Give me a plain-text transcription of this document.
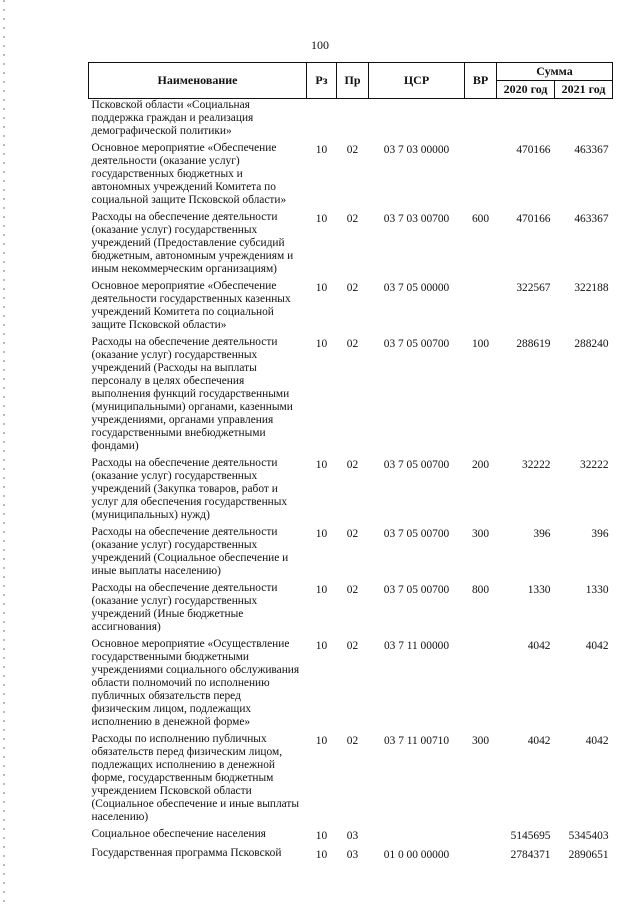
100
Наименование	Рз	Пр	ЦСР	ВР	Сумма	
					2020 год	2021 год
Псковской области «Социальная поддержка граждан и реализация демографической политики»						

Основное мероприятие «Обеспечение деятельности (оказание услуг) государственных бюджетных и автономных учреждений Комитета по социальной защите Псковской области»	10	02	03 7 03 00000		470166	463367

Расходы на обеспечение деятельности (оказание услуг) государственных учреждений (Предоставление субсидий бюджетным, автономным учреждениям и иным некоммерческим организациям)	10	02	03 7 03 00700	600	470166	463367

Основное мероприятие «Обеспечение деятельности государственных казенных учреждений Комитета по социальной защите Псковской области»	10	02	03 7 05 00000		322567	322188

Расходы на обеспечение деятельности (оказание услуг) государственных учреждений (Расходы на выплаты персоналу в целях обеспечения выполнения функций государственными (муниципальными) органами, казенными учреждениями, органами управления государственными внебюджетными фондами)	10	02	03 7 05 00700	100	288619	288240

Расходы на обеспечение деятельности (оказание услуг) государственных учреждений (Закупка товаров, работ и услуг для обеспечения государственных (муниципальных) нужд)	10	02	03 7 05 00700	200	32222	32222

Расходы на обеспечение деятельности (оказание услуг) государственных учреждений (Социальное обеспечение и иные выплаты населению)	10	02	03 7 05 00700	300	396	396

Расходы на обеспечение деятельности (оказание услуг) государственных учреждений (Иные бюджетные ассигнования)	10	02	03 7 05 00700	800	1330	1330

Основное мероприятие «Осуществление государственными бюджетными учреждениями социального обслуживания области полномочий по исполнению публичных обязательств перед физическим лицом, подлежащих исполнению в денежной форме»	10	02	03 7 11 00000		4042	4042

Расходы по исполнению публичных обязательств перед физическим лицом, подлежащих исполнению в денежной форме, государственным бюджетным учреждением Псковской области (Социальное обеспечение и иные выплаты населению)	10	02	03 7 11 00710	300	4042	4042

Социальное обеспечение населения	10	03			5145695	5345403

Государственная программа Псковской	10	03	01 0 00 00000		2784371	2890651
